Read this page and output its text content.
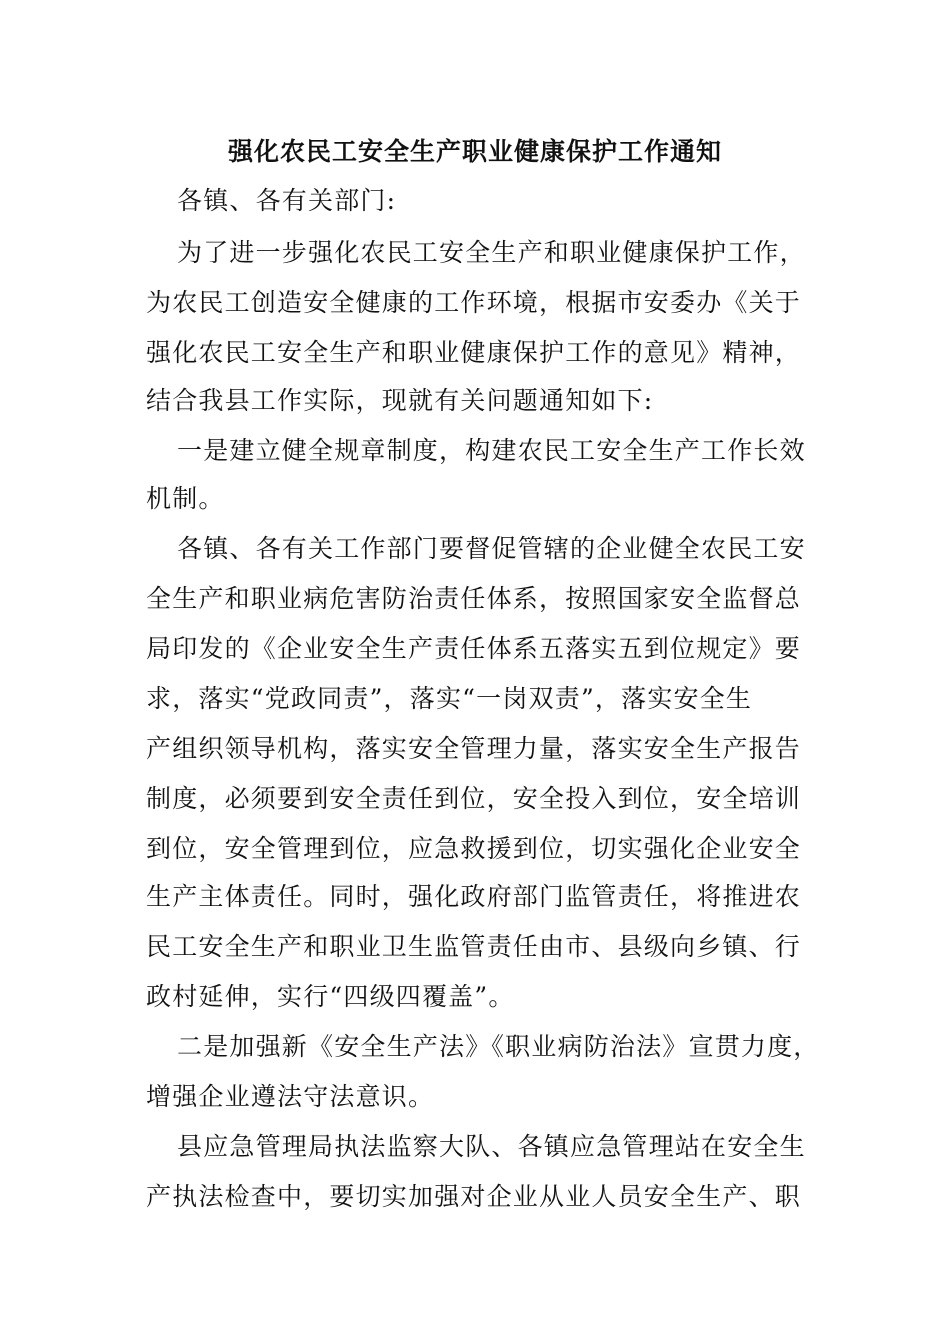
强化农民工安全生产职业健康保护工作通知

各镇、各有关部门:

为了进一步强化农民工安全生产和职业健康保护工作，

为农民工创造安全健康的工作环境，根据市安委办《关于

强化农民工安全生产和职业健康保护工作的意见》精神，

结合我县工作实际，现就有关问题通知如下:

一是建立健全规章制度，构建农民工安全生产工作长效

机制。

各镇、各有关工作部门要督促管辖的企业健全农民工安

全生产和职业病危害防治责任体系，按照国家安全监督总

局印发的《企业安全生产责任体系五落实五到位规定》要

求，落实“党政同责”，落实“一岗双责”，落实安全生

产组织领导机构，落实安全管理力量，落实安全生产报告

制度，必须要到安全责任到位，安全投入到位，安全培训

到位，安全管理到位，应急救援到位，切实强化企业安全

生产主体责任。同时，强化政府部门监管责任，将推进农

民工安全生产和职业卫生监管责任由市、县级向乡镇、行

政村延伸，实行“四级四覆盖”。

二是加强新《安全生产法》《职业病防治法》宣贯力度，

增强企业遵法守法意识。

县应急管理局执法监察大队、各镇应急管理站在安全生

产执法检查中，要切实加强对企业从业人员安全生产、职
